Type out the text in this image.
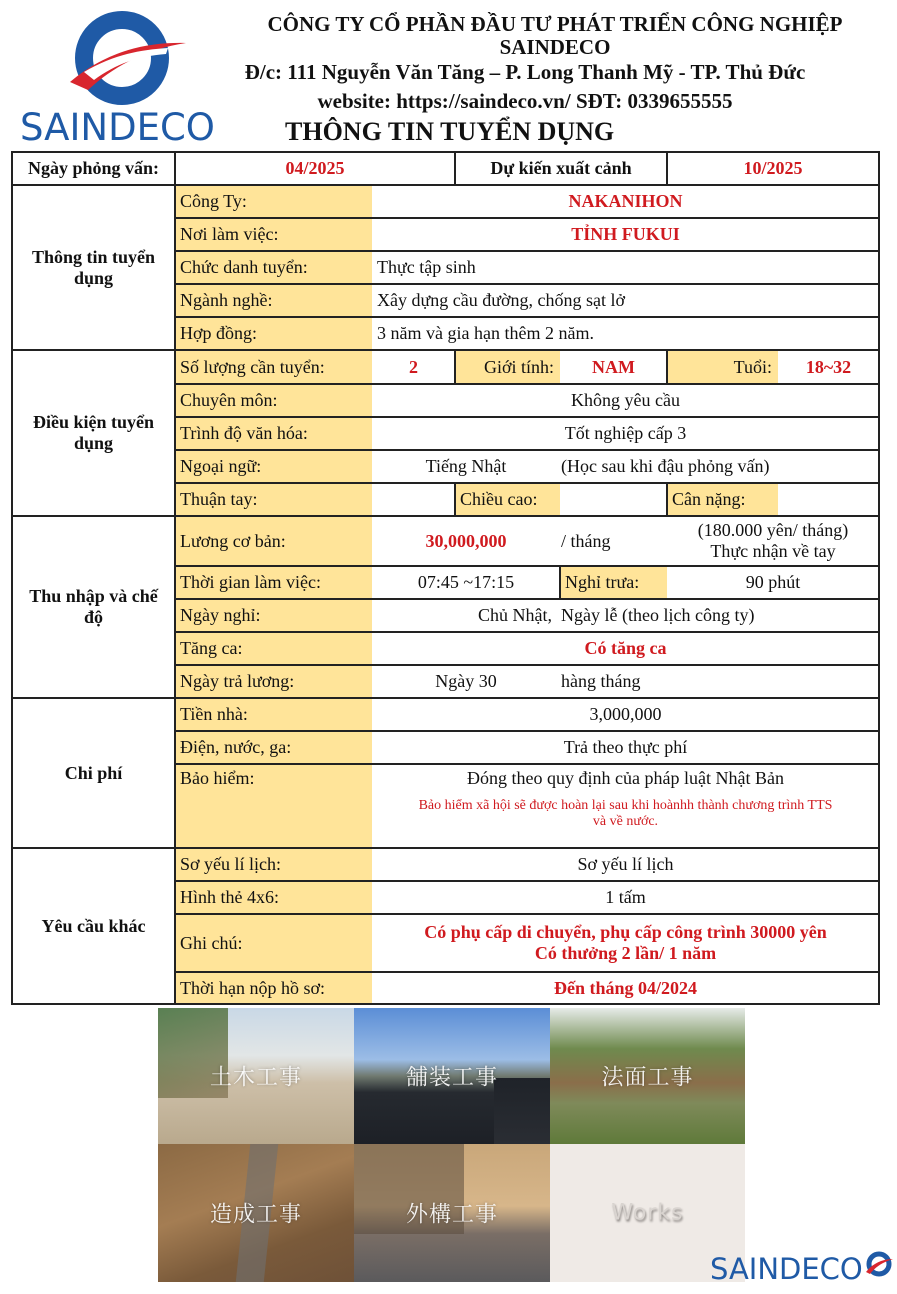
SAINDECO
CÔNG TY CỔ PHẦN ĐẦU TƯ PHÁT TRIỂN CÔNG NGHIỆP
SAINDECO
Đ/c: 111 Nguyễn Văn Tăng – P. Long Thanh Mỹ - TP. Thủ Đức
website: https://saindeco.vn/ SĐT: 0339655555
THÔNG TIN TUYỂN DỤNG
Ngày phỏng vấn:	04/2025	Dự kiến xuất cảnh	10/2025
Thông tin tuyển dụng
Công Ty:	NAKANIHON
Nơi làm việc:	TỈNH FUKUI
Chức danh tuyển:	Thực tập sinh
Ngành nghề:	Xây dựng cầu đường, chống sạt lở
Hợp đồng:	3 năm và gia hạn thêm 2 năm.
Điều kiện tuyển dụng
Số lượng cần tuyển:	2	Giới tính:	NAM	Tuổi:	18~32
Chuyên môn:	Không yêu cầu
Trình độ văn hóa:	Tốt nghiệp cấp 3
Ngoại ngữ:	Tiếng Nhật	(Học sau khi đậu phỏng vấn)
Thuận tay:	Chiều cao:	Cân nặng:
Thu nhập và chế độ
Lương cơ bản:	30,000,000	/ tháng
(180.000 yên/ tháng)
Thực nhận về tay
Thời gian làm việc:	07:45 ~17:15	Nghỉ trưa:	90 phút
Ngày nghỉ:	Chủ Nhật, Ngày lễ (theo lịch công ty)
Tăng ca:	Có tăng ca
Ngày trả lương:	Ngày 30	hàng tháng
Chi phí
Tiền nhà:	3,000,000
Điện, nước, ga:	Trả theo thực phí
Bảo hiểm:	Đóng theo quy định của pháp luật Nhật Bản
Bảo hiểm xã hội sẽ được hoàn lại sau khi hoànhh thành chương trình TTS
và về nước.
Yêu cầu khác
Sơ yếu lí lịch:	Sơ yếu lí lịch
Hình thẻ 4x6:	1 tấm
Ghi chú:
Có phụ cấp di chuyển, phụ cấp công trình 30000 yên
Có thưởng 2 lần/ 1 năm
Thời hạn nộp hồ sơ:	Đến tháng 04/2024
土木工事	舗装工事	法面工事
造成工事	外構工事	Works
SAINDECO
